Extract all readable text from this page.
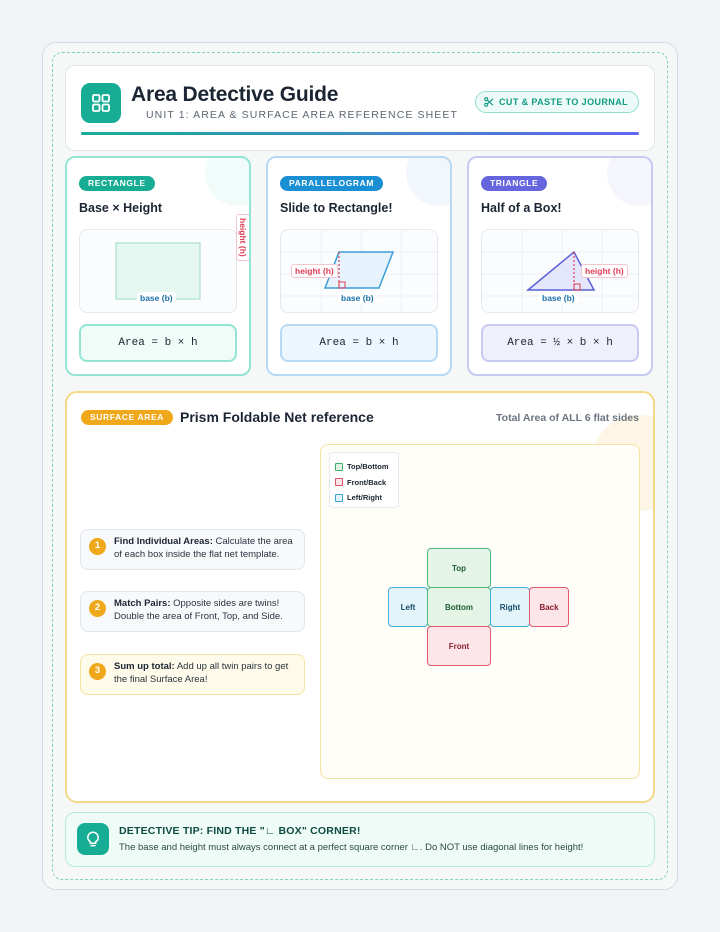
Area Detective Guide
UNIT 1: AREA & SURFACE AREA REFERENCE SHEET
CUT & PASTE TO JOURNAL
RECTANGLE
Base × Height
base (b)
height (h)
Area = b × h
PARALLELOGRAM
Slide to Rectangle!
height (h)
base (b)
Area = b × h
TRIANGLE
Half of a Box!
height (h)
base (b)
Area = ½ × b × h
SURFACE AREA	Prism Foldable Net reference	Total Area of ALL 6 flat sides
1	Find Individual Areas: Calculate the area of each box inside the flat net template.
2	Match Pairs: Opposite sides are twins! Double the area of Front, Top, and Side.
3	Sum up total: Add up all twin pairs to get the final Surface Area!
Top/Bottom
Front/Back
Left/Right
Top
Left	Bottom	Right	Back
Front
DETECTIVE TIP: FIND THE "∟ BOX" CORNER!
The base and height must always connect at a perfect square corner ∟. Do NOT use diagonal lines for height!
